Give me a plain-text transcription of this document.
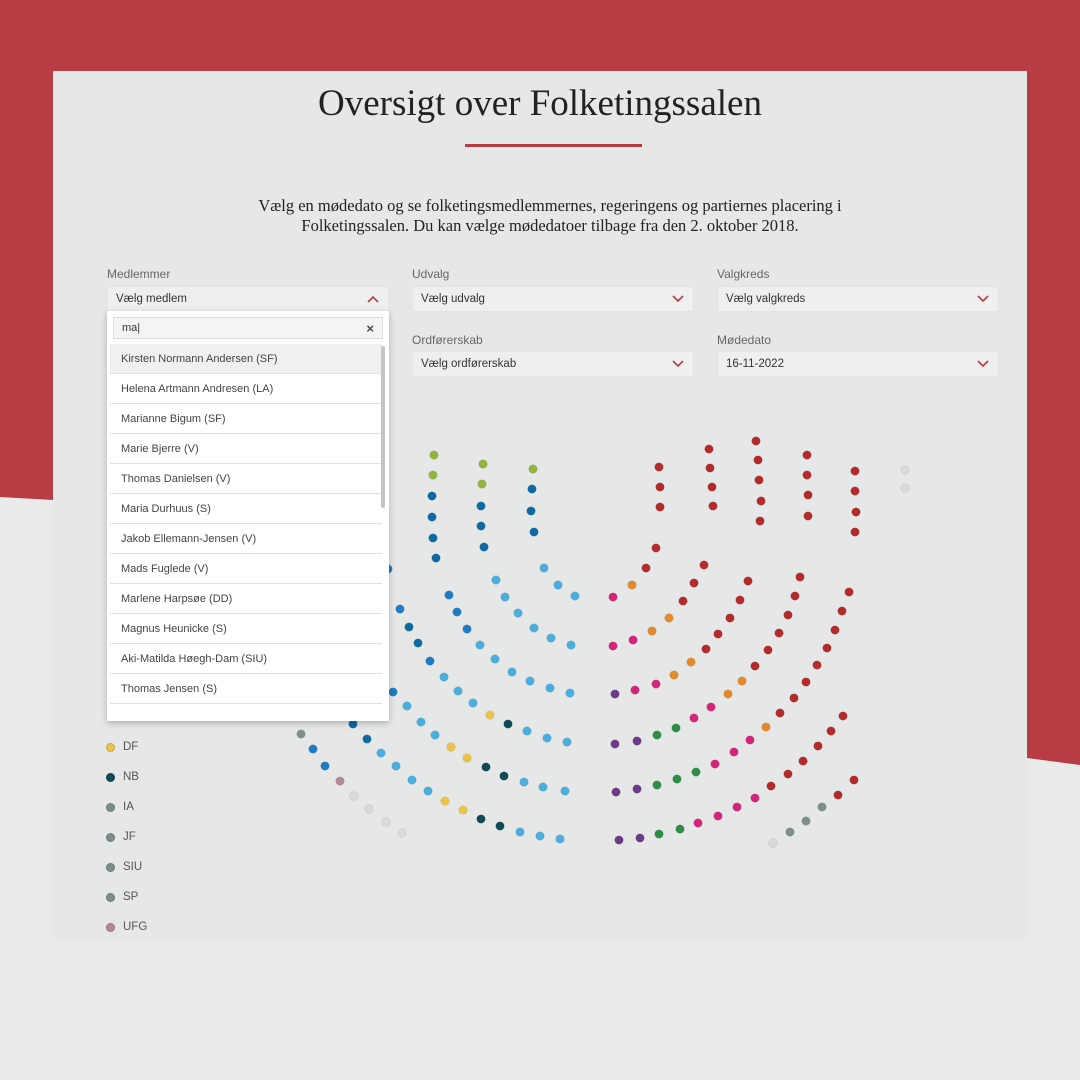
Oversigt over Folketingssalen

Vælg en mødedato og se folketingsmedlemmernes, regeringens og partiernes placering i Folketingssalen. Du kan vælge mødedatoer tilbage fra den 2. oktober 2018.

Medlemmer
Vælg medlem
Udvalg
Vælg udvalg
Valgkreds
Vælg valgkreds
Ordførerskab
Vælg ordførerskab
Mødedato
16-11-2022
DF
NB
IA
JF
SIU
SP
UFG
ma|	×
Kirsten Normann Andersen (SF)
Helena Artmann Andresen (LA)
Marianne Bigum (SF)
Marie Bjerre (V)
Thomas Danielsen (V)
Maria Durhuus (S)
Jakob Ellemann-Jensen (V)
Mads Fuglede (V)
Marlene Harpsøe (DD)
Magnus Heunicke (S)
Aki-Matilda Høegh-Dam (SIU)
Thomas Jensen (S)
